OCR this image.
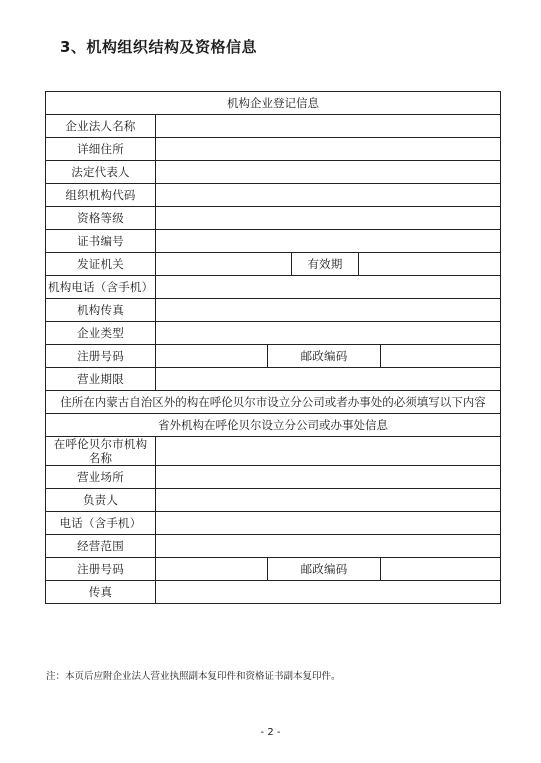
3、机构组织结构及资格信息
机构企业登记信息					
企业法人名称					
详细住所					
法定代表人					
组织机构代码					
资格等级					
证书编号					
发证机关			有效期		
机构电话（含手机）					
机构传真					
企业类型					
注册号码		邮政编码			
营业期限					
住所在内蒙古自治区外的构在呼伦贝尔市设立分公司或者办事处的必须填写以下内容					
省外机构在呼伦贝尔设立分公司或办事处信息					
在呼伦贝尔市机构
名称					
营业场所					
负责人					
电话（含手机）					
经营范围					
注册号码		邮政编码			
传真					

注：本页后应附企业法人营业执照副本复印件和资格证书副本复印件。

- 2 -
